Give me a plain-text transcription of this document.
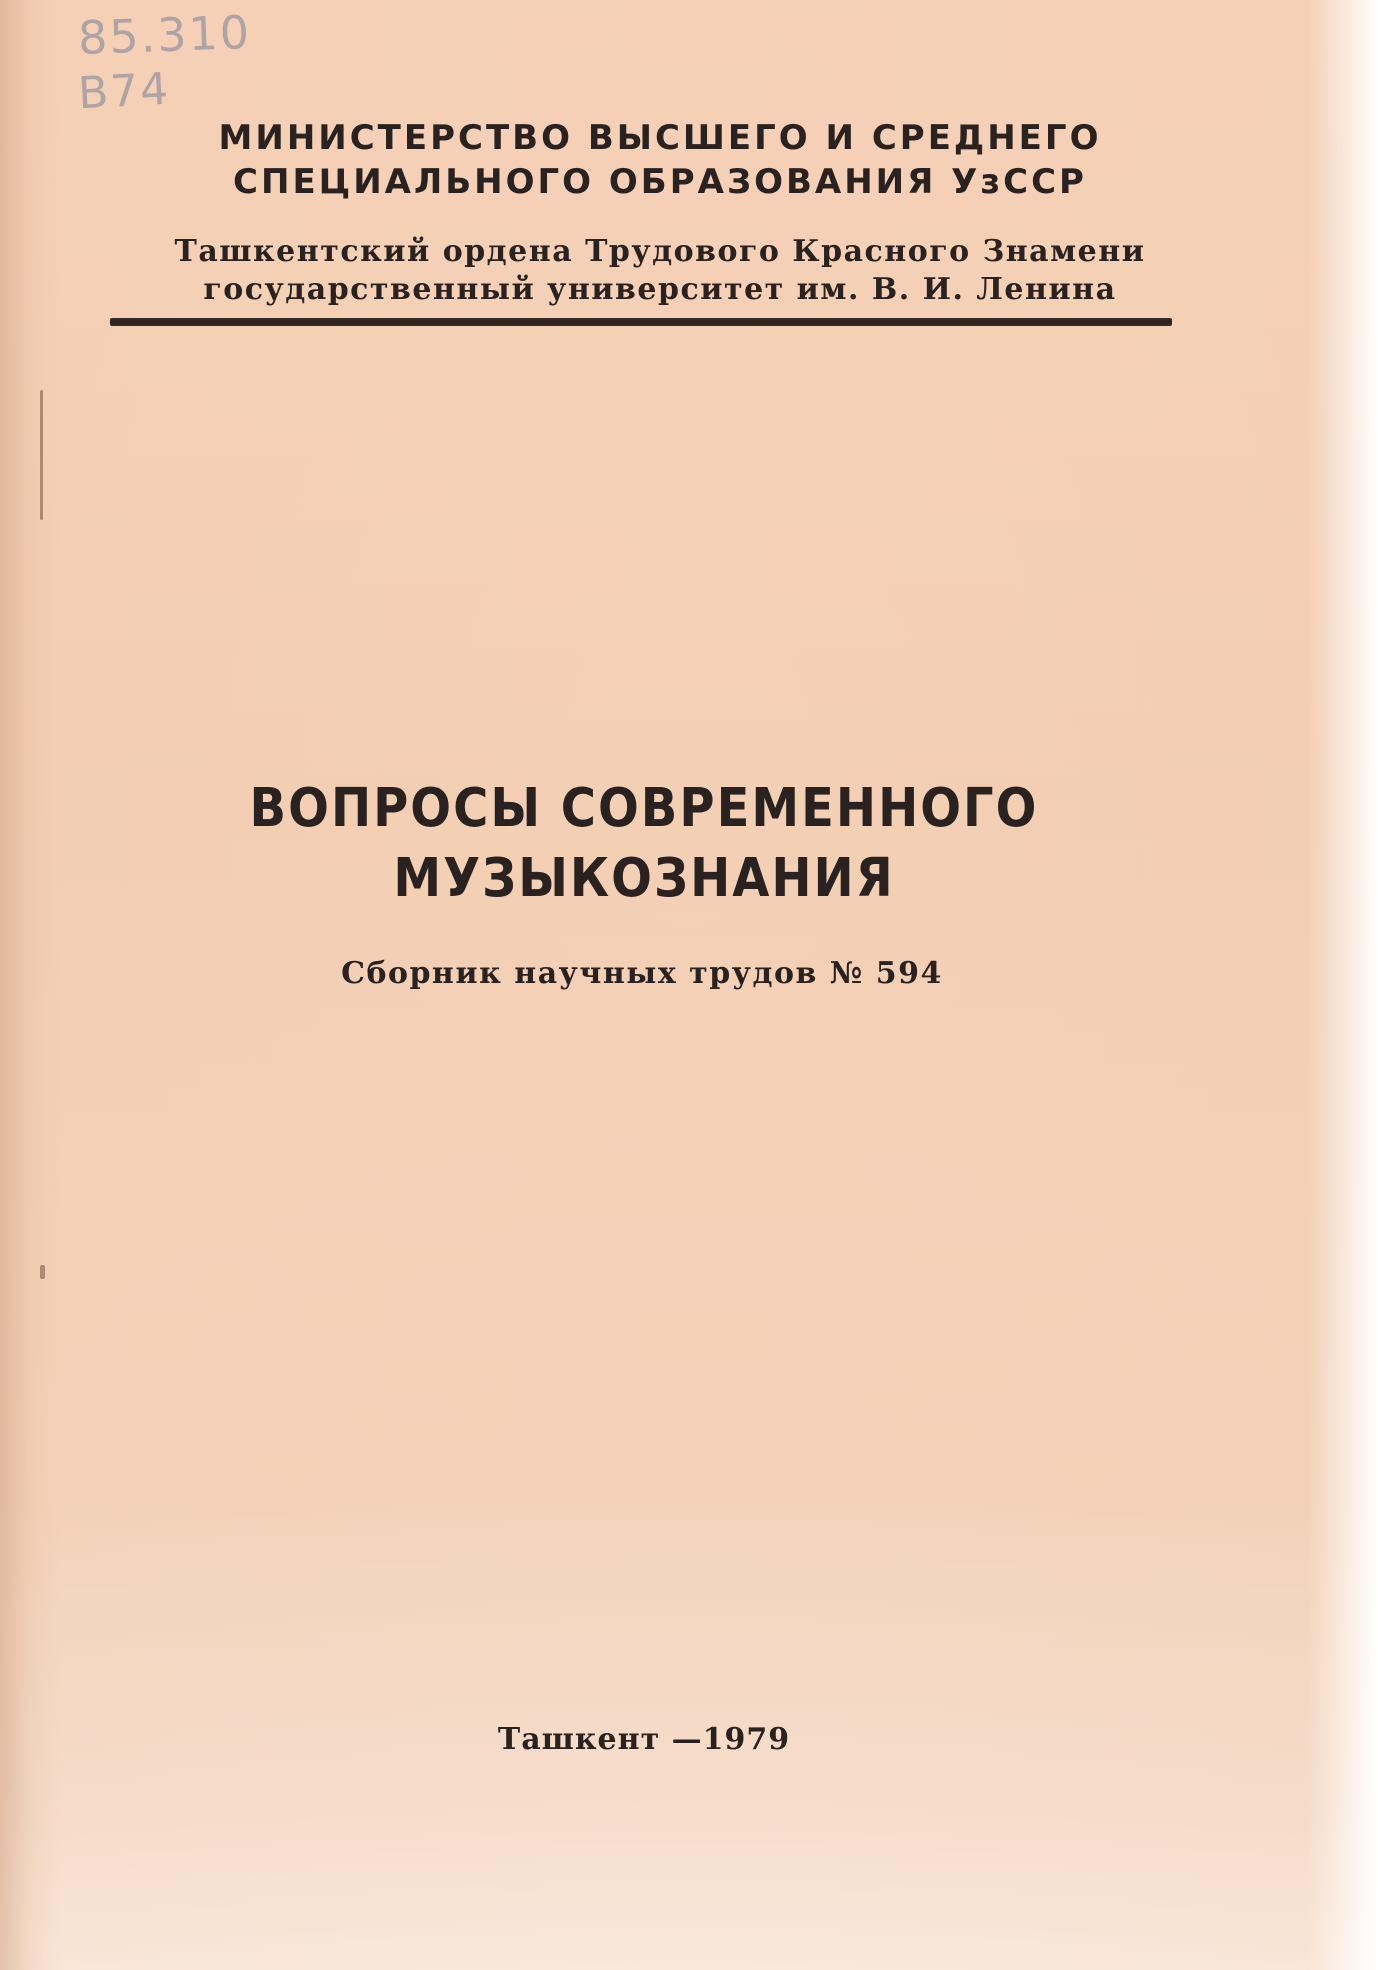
85.310
B74
МИНИСТЕРСТВО ВЫСШЕГО И СРЕДНЕГО
СПЕЦИАЛЬНОГО ОБРАЗОВАНИЯ УзССР
Ташкентский ордена Трудового Красного Знамени
государственный университет им. В. И. Ленина
ВОПРОСЫ СОВРЕМЕННОГО
МУЗЫКОЗНАНИЯ
Сборник научных трудов № 594
Ташкент —1979
